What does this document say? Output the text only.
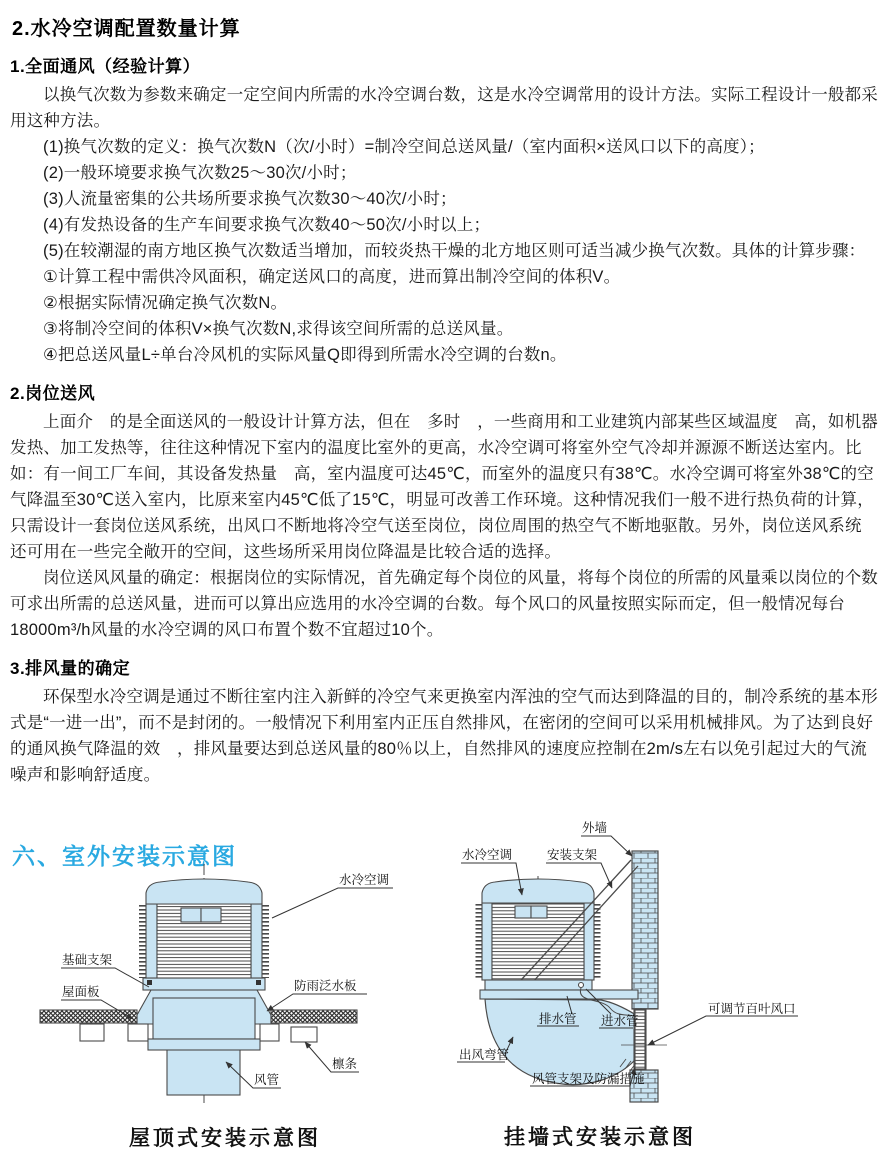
2.水冷空调配置数量计算
1.全面通风（经验计算）

以换气次数为参数来确定一定空间内所需的水冷空调台数，这是水冷空调常用的设计方法。实际工程设计一般都采用这种方法。

(1)换气次数的定义：换气次数N（次/小时）=制冷空间总送风量/（室内面积×送风口以下的高度）；

(2)一般环境要求换气次数25～30次/小时；

(3)人流量密集的公共场所要求换气次数30～40次/小时；

(4)有发热设备的生产车间要求换气次数40～50次/小时以上；

(5)在较潮湿的南方地区换气次数适当增加，而较炎热干燥的北方地区则可适当减少换气次数。具体的计算步骤：

①计算工程中需供冷风面积，确定送风口的高度，进而算出制冷空间的体积V。

②根据实际情况确定换气次数N。

③将制冷空间的体积V×换气次数N,求得该空间所需的总送风量。

④把总送风量L÷单台冷风机的实际风量Q即得到所需水冷空调的台数n。

2.岗位送风

上面介　的是全面送风的一般设计计算方法，但在　多时　，一些商用和工业建筑内部某些区域温度　高，如机器发热、加工发热等，往往这种情况下室内的温度比室外的更高，水冷空调可将室外空气冷却并源源不断送达室内。比如：有一间工厂车间，其设备发热量　高，室内温度可达45℃，而室外的温度只有38℃。水冷空调可将室外38℃的空气降温至30℃送入室内，比原来室内45℃低了15℃，明显可改善工作环境。这种情况我们一般不进行热负荷的计算，只需设计一套岗位送风系统，出风口不断地将冷空气送至岗位，岗位周围的热空气不断地驱散。另外，岗位送风系统还可用在一些完全敞开的空间，这些场所采用岗位降温是比较合适的选择。

岗位送风风量的确定：根据岗位的实际情况，首先确定每个岗位的风量，将每个岗位的所需的风量乘以岗位的个数可求出所需的总送风量，进而可以算出应选用的水冷空调的台数。每个风口的风量按照实际而定，但一般情况每台18000m³/h风量的水冷空调的风口布置个数不宜超过10个。

3.排风量的确定

环保型水冷空调是通过不断往室内注入新鲜的冷空气来更换室内浑浊的空气而达到降温的目的，制冷系统的基本形式是“一进一出”，而不是封闭的。一般情况下利用室内正压自然排风，在密闭的空间可以采用机械排风。为了达到良好的通风换气降温的效　，排风量要达到总送风量的80％以上，自然排风的速度应控制在2m/s左右以免引起过大的气流噪声和影响舒适度。

六、室外安装示意图
水冷空调
基础支架
屋面板	防雨泛水板
檩条
风管
屋顶式安装示意图
外墙
水冷空调	安装支架
排水管 进水管
可调节百叶风口
出风弯管
风管支架及防漏措施
挂墙式安装示意图
